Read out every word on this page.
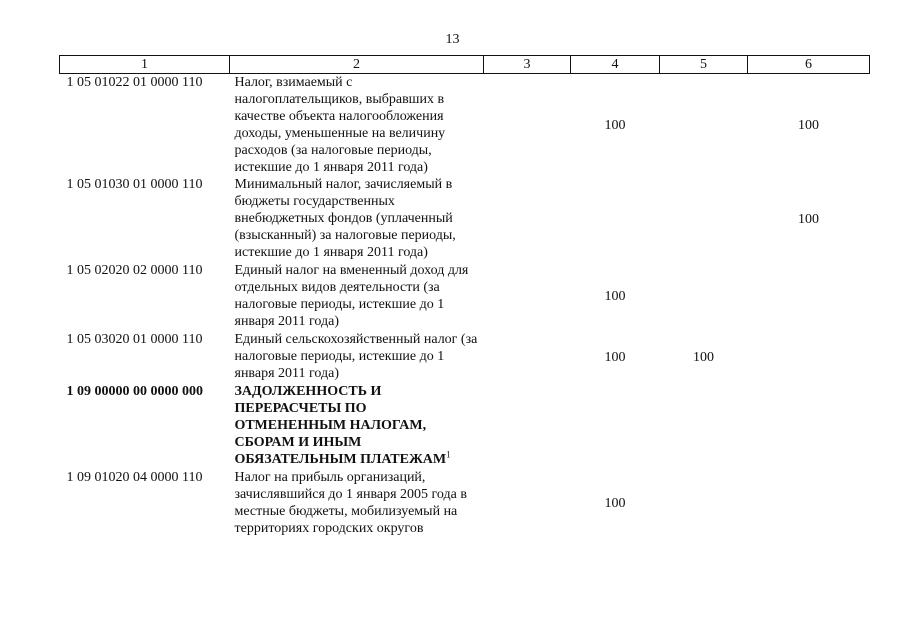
13
1	2	3	4	5	6
1 05 01022 01 0000 110	Налог, взимаемый с налогоплательщиков, выбравших в качестве объекта налогообложения доходы, уменьшенные на величину расходов (за налоговые периоды, истекшие до 1 января 2011 года)		100		100
1 05 01030 01 0000 110	Минимальный налог, зачисляемый в бюджеты государственных внебюджетных фондов (уплаченный (взысканный) за налоговые периоды, истекшие до 1 января 2011 года)				100
1 05 02020 02 0000 110	Единый налог на вмененный доход для отдельных видов деятельности (за налоговые периоды, истекшие до 1 января 2011 года)		100		
1 05 03020 01 0000 110	Единый сельскохозяйственный налог (за налоговые периоды, истекшие до 1 января 2011 года)		100	100	
1 09 00000 00 0000 000	ЗАДОЛЖЕННОСТЬ И ПЕРЕРАСЧЕТЫ ПО ОТМЕНЕННЫМ НАЛОГАМ, СБОРАМ И ИНЫМ ОБЯЗАТЕЛЬНЫМ ПЛАТЕЖАМ$^1$				
1 09 01020 04 0000 110	Налог на прибыль организаций, зачислявшийся до 1 января 2005 года в местные бюджеты, мобилизуемый на территориях городских округов		100		
